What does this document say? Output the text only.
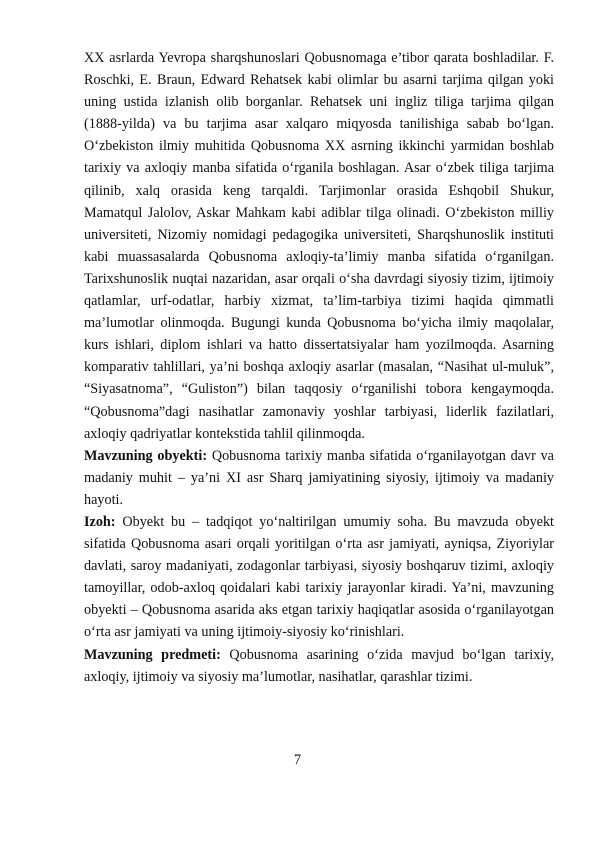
XX asrlarda Yevropa sharqshunoslari Qobusnomaga e’tibor qarata boshladilar. F. Roschki, E. Braun, Edward Rehatsek kabi olimlar bu asarni tarjima qilgan yoki uning ustida izlanish olib borganlar. Rehatsek uni ingliz tiliga tarjima qilgan (1888-yilda) va bu tarjima asar xalqaro miqyosda tanilishiga sabab bo‘lgan. O‘zbekiston ilmiy muhitida Qobusnoma XX asrning ikkinchi yarmidan boshlab tarixiy va axloqiy manba sifatida o‘rganila boshlagan. Asar o‘zbek tiliga tarjima qilinib, xalq orasida keng tarqaldi. Tarjimonlar orasida Eshqobil Shukur, Mamatqul Jalolov, Askar Mahkam kabi adiblar tilga olinadi. O‘zbekiston milliy universiteti, Nizomiy nomidagi pedagogika universiteti, Sharqshunoslik instituti kabi muassasalarda Qobusnoma axloqiy-ta’limiy manba sifatida o‘rganilgan. Tarixshunoslik nuqtai nazaridan, asar orqali o‘sha davrdagi siyosiy tizim, ijtimoiy qatlamlar, urf-odatlar, harbiy xizmat, ta’lim-tarbiya tizimi haqida qimmatli ma’lumotlar olinmoqda. Bugungi kunda Qobusnoma bo‘yicha ilmiy maqolalar, kurs ishlari, diplom ishlari va hatto dissertatsiyalar ham yozilmoqda. Asarning komparativ tahlillari, ya’ni boshqa axloqiy asarlar (masalan, “Nasihat ul-muluk”, “Siyasatnoma”, “Guliston”) bilan taqqosiy o‘rganilishi tobora kengaymoqda. “Qobusnoma”dagi nasihatlar zamonaviy yoshlar tarbiyasi, liderlik fazilatlari, axloqiy qadriyatlar kontekstida tahlil qilinmoqda.

Mavzuning obyekti: Qobusnoma tarixiy manba sifatida o‘rganilayotgan davr va madaniy muhit – ya’ni XI asr Sharq jamiyatining siyosiy, ijtimoiy va madaniy hayoti.

Izoh: Obyekt bu – tadqiqot yo‘naltirilgan umumiy soha. Bu mavzuda obyekt sifatida Qobusnoma asari orqali yoritilgan o‘rta asr jamiyati, ayniqsa, Ziyoriylar davlati, saroy madaniyati, zodagonlar tarbiyasi, siyosiy boshqaruv tizimi, axloqiy tamoyillar, odob-axloq qoidalari kabi tarixiy jarayonlar kiradi. Ya’ni, mavzuning obyekti – Qobusnoma asarida aks etgan tarixiy haqiqatlar asosida o‘rganilayotgan o‘rta asr jamiyati va uning ijtimoiy-siyosiy ko‘rinishlari.

Mavzuning predmeti: Qobusnoma asarining o‘zida mavjud bo‘lgan tarixiy, axloqiy, ijtimoiy va siyosiy ma’lumotlar, nasihatlar, qarashlar tizimi.

7
